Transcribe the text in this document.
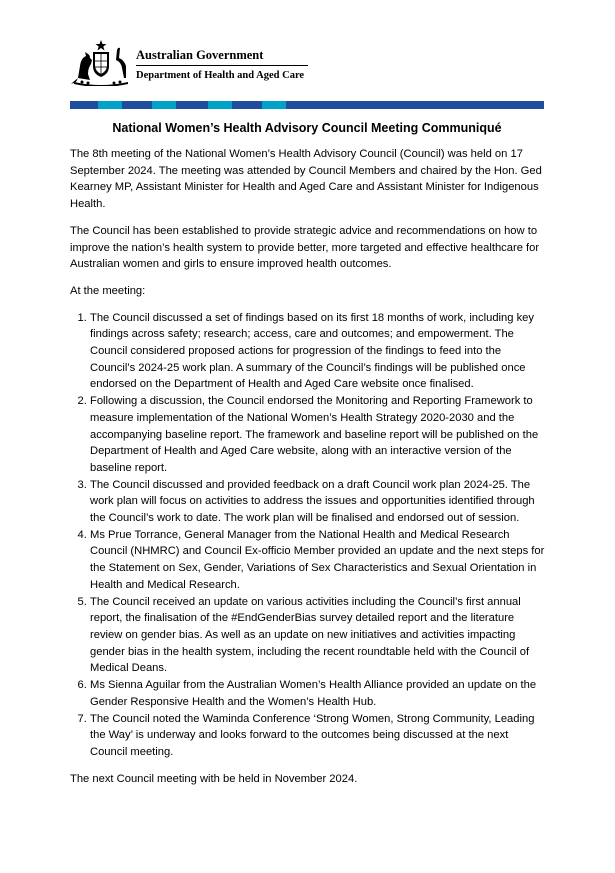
Australian Government
Department of Health and Aged Care
National Women’s Health Advisory Council Meeting Communiqué

The 8th meeting of the National Women’s Health Advisory Council (Council) was held on 17 September 2024. The meeting was attended by Council Members and chaired by the Hon. Ged Kearney MP, Assistant Minister for Health and Aged Care and Assistant Minister for Indigenous Health.

The Council has been established to provide strategic advice and recommendations on how to improve the nation’s health system to provide better, more targeted and effective healthcare for Australian women and girls to ensure improved health outcomes.

At the meeting:

1. The Council discussed a set of findings based on its first 18 months of work, including key findings across safety; research; access, care and outcomes; and empowerment. The Council considered proposed actions for progression of the findings to feed into the Council’s 2024-25 work plan. A summary of the Council’s findings will be published once endorsed on the Department of Health and Aged Care website once finalised.
2. Following a discussion, the Council endorsed the Monitoring and Reporting Framework to measure implementation of the National Women’s Health Strategy 2020-2030 and the accompanying baseline report. The framework and baseline report will be published on the Department of Health and Aged Care website, along with an interactive version of the baseline report.
3. The Council discussed and provided feedback on a draft Council work plan 2024-25. The work plan will focus on activities to address the issues and opportunities identified through the Council’s work to date. The work plan will be finalised and endorsed out of session.
4. Ms Prue Torrance, General Manager from the National Health and Medical Research Council (NHMRC) and Council Ex-officio Member provided an update and the next steps for the Statement on Sex, Gender, Variations of Sex Characteristics and Sexual Orientation in Health and Medical Research.
5. The Council received an update on various activities including the Council’s first annual report, the finalisation of the #EndGenderBias survey detailed report and the literature review on gender bias. As well as an update on new initiatives and activities impacting gender bias in the health system, including the recent roundtable held with the Council of Medical Deans.
6. Ms Sienna Aguilar from the Australian Women’s Health Alliance provided an update on the Gender Responsive Health and the Women’s Health Hub.
7. The Council noted the Waminda Conference ‘Strong Women, Strong Community, Leading the Way’ is underway and looks forward to the outcomes being discussed at the next Council meeting.

The next Council meeting with be held in November 2024.
